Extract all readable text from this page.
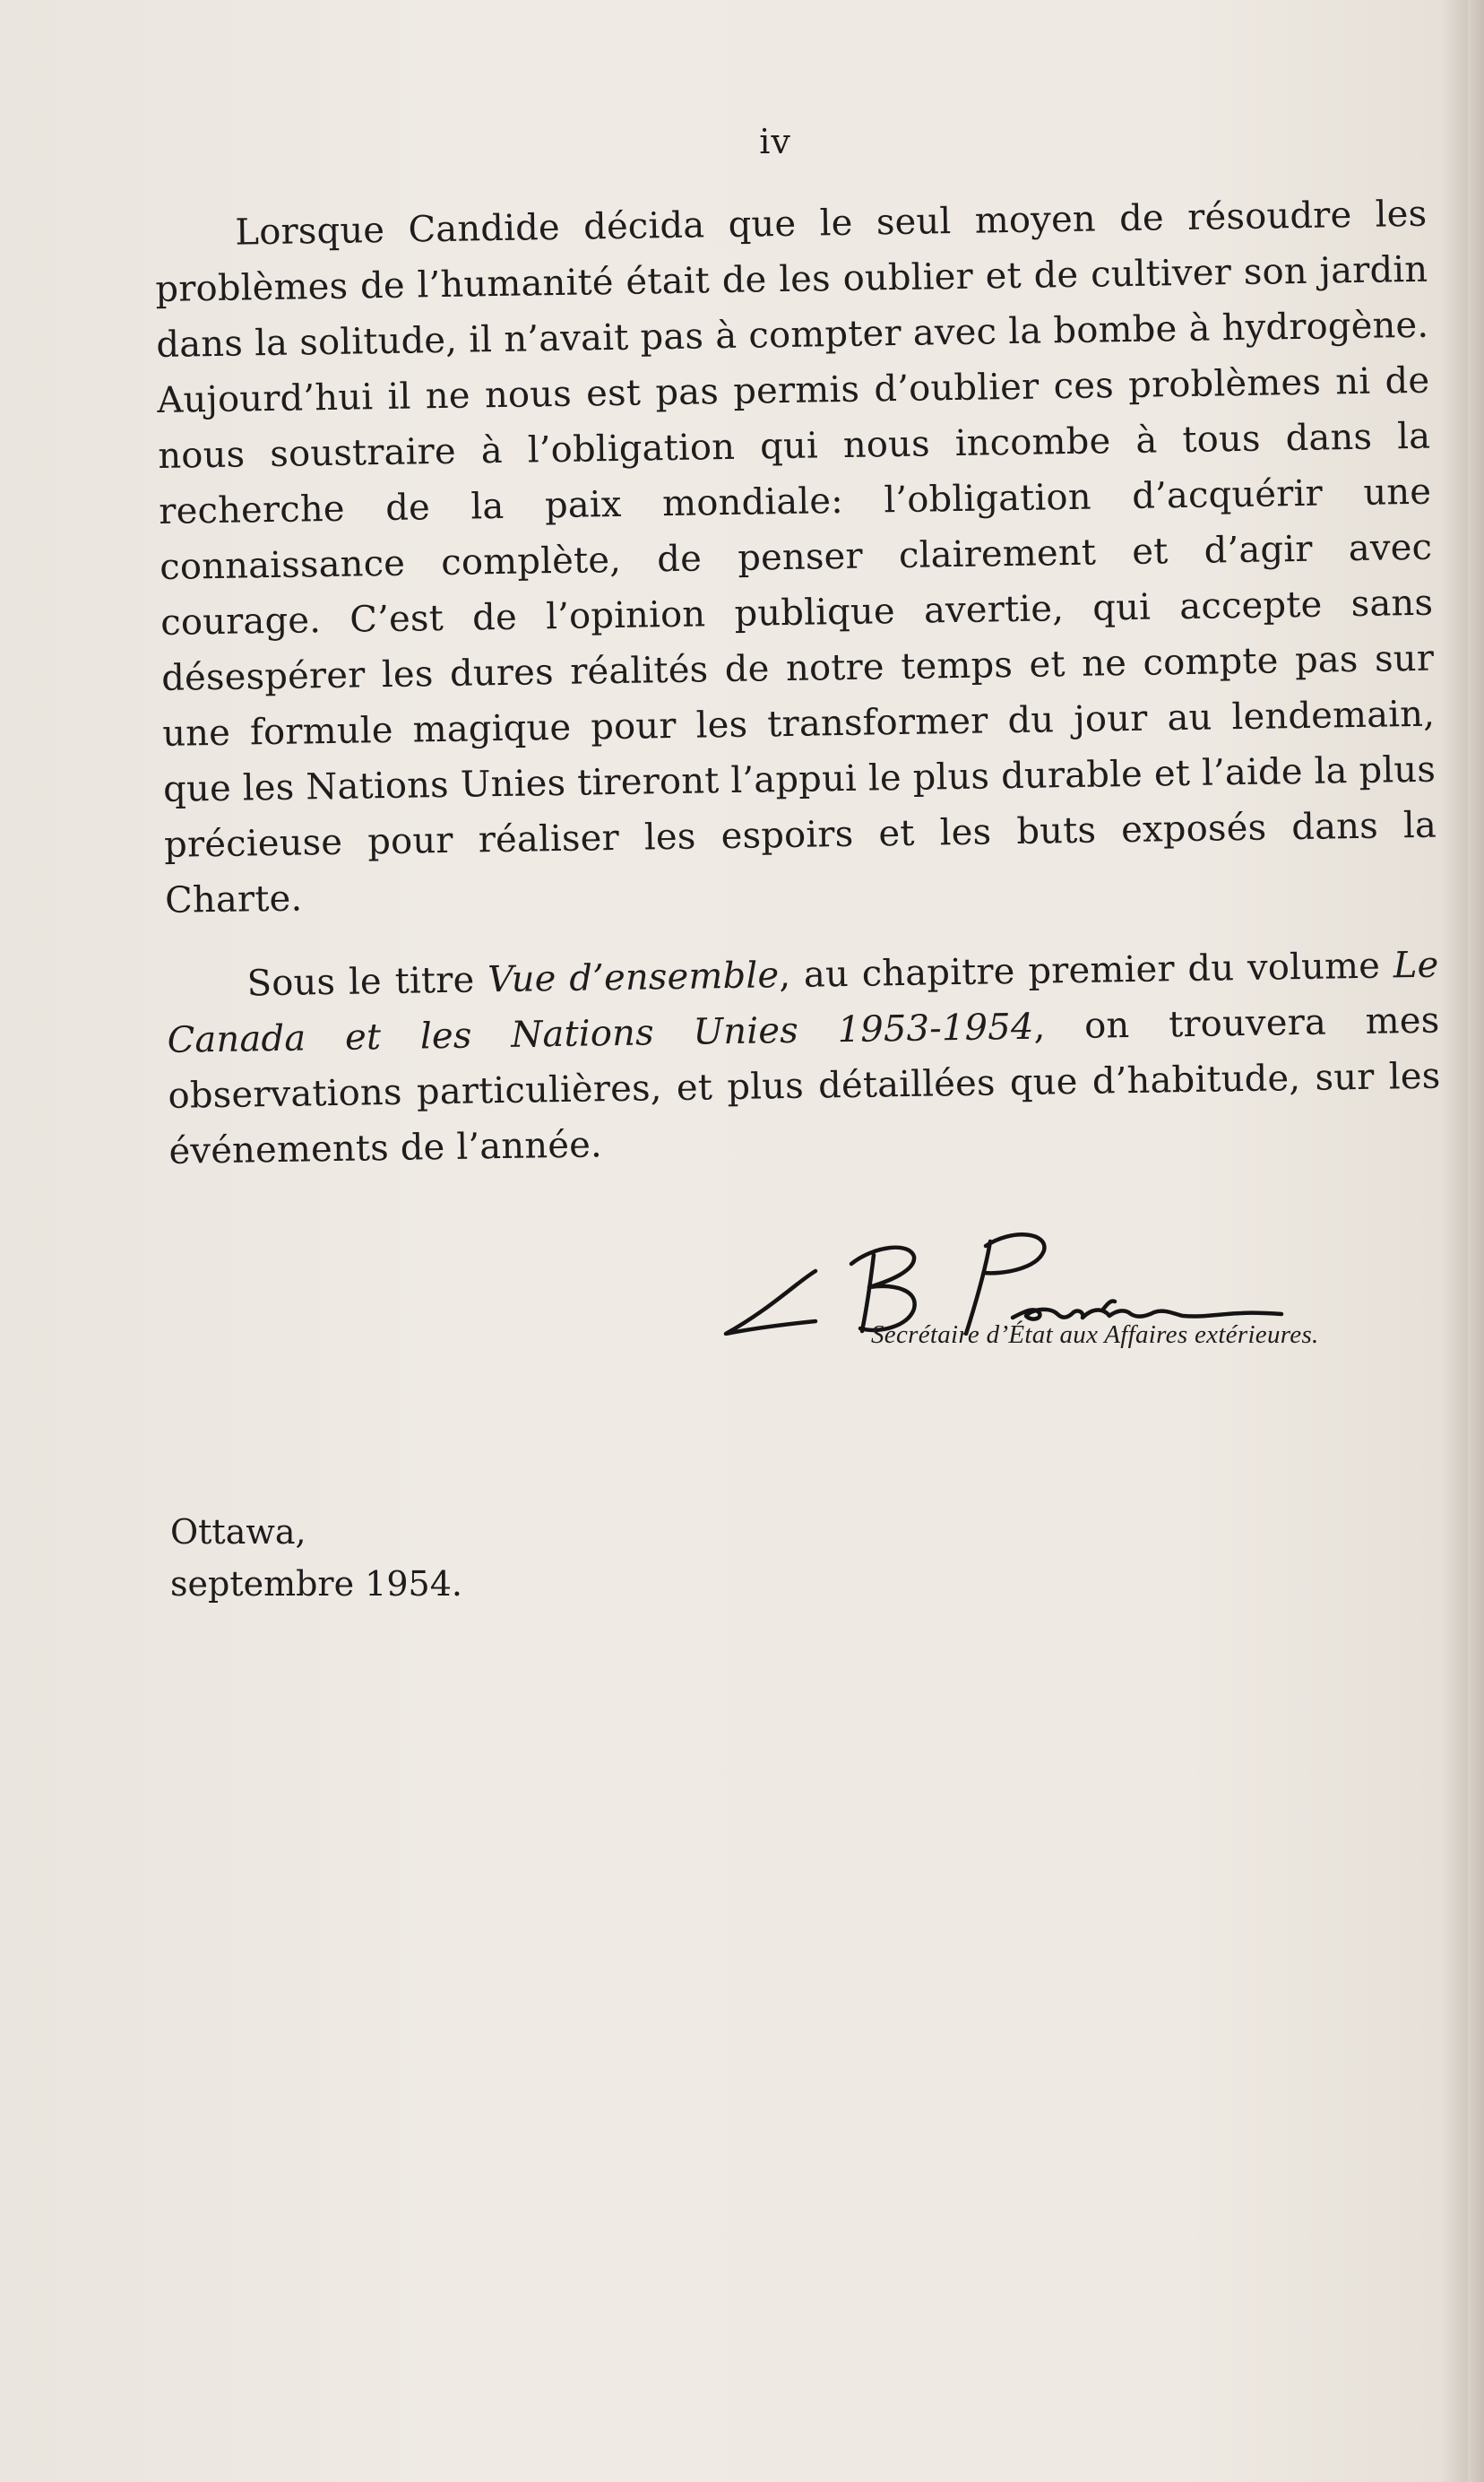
iv

Lorsque Candide décida que le seul moyen de résoudre les problèmes de l’humanité était de les oublier et de cultiver son jardin dans la solitude, il n’avait pas à compter avec la bombe à hydrogène. Aujourd’hui il ne nous est pas permis d’oublier ces problèmes ni de nous soustraire à l’obligation qui nous incombe à tous dans la recherche de la paix mondiale: l’obligation d’acquérir une connaissance complète, de penser clairement et d’agir avec courage. C’est de l’opinion publique avertie, qui accepte sans désespérer les dures réalités de notre temps et ne compte pas sur une formule magique pour les transformer du jour au lendemain, que les Nations Unies tireront l’appui le plus durable et l’aide la plus précieuse pour réaliser les espoirs et les buts exposés dans la Charte.

Sous le titre Vue d’ensemble, au chapitre premier du volume Le Canada et les Nations Unies 1953-1954, on trouvera mes observations particulières, et plus détaillées que d’habitude, sur les événements de l’année.

Secrétaire d’État aux Affaires extérieures.
Ottawa,
septembre 1954.
